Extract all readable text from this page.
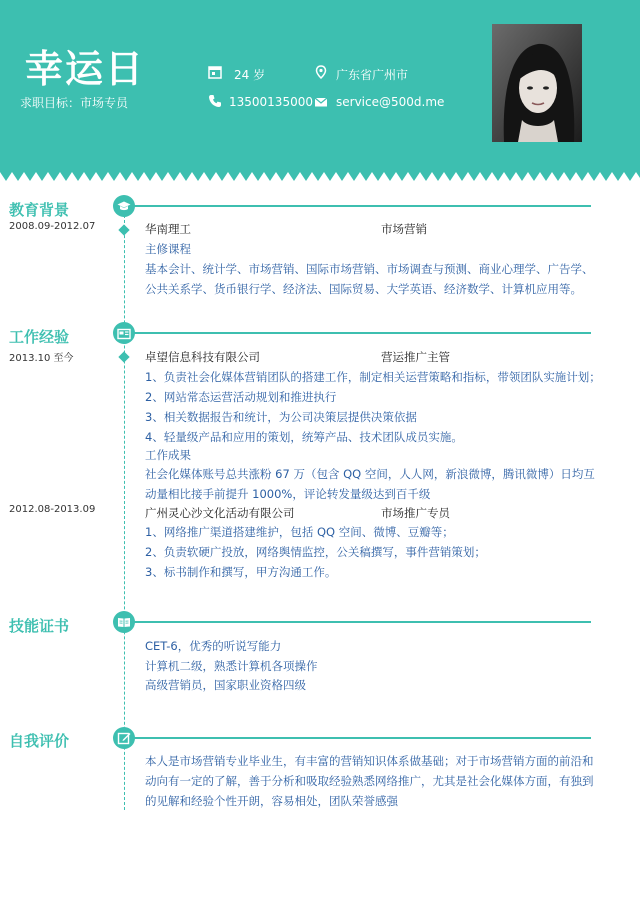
幸运日
求职目标：市场专员
24 岁	广东省广州市
13500135000 service@500d.me
教育背景
2008.09-2012.07	华南理工	市场营销
主修课程
基本会计、统计学、市场营销、国际市场营销、市场调查与预测、商业心理学、广告学、
公共关系学、货币银行学、经济法、国际贸易、大学英语、经济数学、计算机应用等。
工作经验
2013.10 至今	卓望信息科技有限公司	营运推广主管
1、负责社会化媒体营销团队的搭建工作，制定相关运营策略和指标，带领团队实施计划；
2、网站常态运营活动规划和推进执行
3、相关数据报告和统计，为公司决策层提供决策依据
4、轻量级产品和应用的策划，统筹产品、技术团队成员实施。
工作成果
社会化媒体账号总共涨粉 67 万（包含 QQ 空间，人人网，新浪微博，腾讯微博）日均互
动量相比接手前提升 1000%，评论转发量级达到百千级
2012.08-2013.09	广州灵心沙文化活动有限公司	市场推广专员
1、网络推广渠道搭建维护，包括 QQ 空间、微博、豆瓣等；
2、负责软硬广投放，网络舆情监控，公关稿撰写，事件营销策划；
3、标书制作和撰写，甲方沟通工作。
技能证书
CET-6，优秀的听说写能力
计算机二级，熟悉计算机各项操作
高级营销员，国家职业资格四级
自我评价
本人是市场营销专业毕业生，有丰富的营销知识体系做基础；对于市场营销方面的前沿和
动向有一定的了解，善于分析和吸取经验熟悉网络推广，尤其是社会化媒体方面，有独到
的见解和经验个性开朗，容易相处，团队荣誉感强
